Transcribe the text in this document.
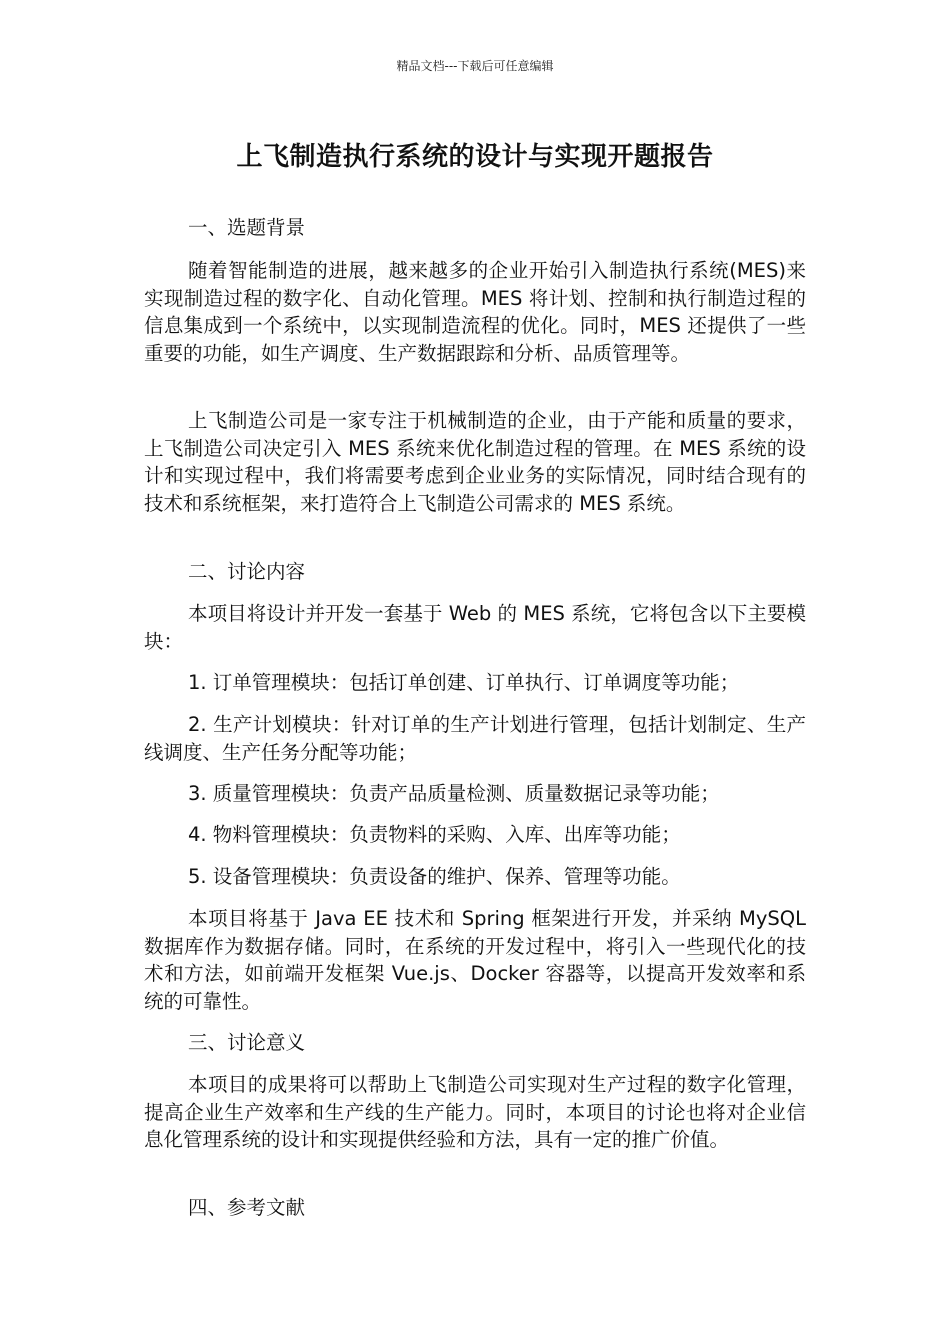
精品文档---下载后可任意编辑
上飞制造执行系统的设计与实现开题报告

一、选题背景

随着智能制造的进展，越来越多的企业开始引入制造执行系统(MES)来实现制造过程的数字化、自动化管理。MES 将计划、控制和执行制造过程的信息集成到一个系统中，以实现制造流程的优化。同时，MES 还提供了一些重要的功能，如生产调度、生产数据跟踪和分析、品质管理等。

上飞制造公司是一家专注于机械制造的企业，由于产能和质量的要求，上飞制造公司决定引入 MES 系统来优化制造过程的管理。在 MES 系统的设计和实现过程中，我们将需要考虑到企业业务的实际情况，同时结合现有的技术和系统框架，来打造符合上飞制造公司需求的 MES 系统。

二、讨论内容

本项目将设计并开发一套基于 Web 的 MES 系统，它将包含以下主要模块：

1. 订单管理模块：包括订单创建、订单执行、订单调度等功能；

2. 生产计划模块：针对订单的生产计划进行管理，包括计划制定、生产线调度、生产任务分配等功能；

3. 质量管理模块：负责产品质量检测、质量数据记录等功能；

4. 物料管理模块：负责物料的采购、入库、出库等功能；

5. 设备管理模块：负责设备的维护、保养、管理等功能。

本项目将基于 Java EE 技术和 Spring 框架进行开发，并采纳 MySQL 数据库作为数据存储。同时，在系统的开发过程中，将引入一些现代化的技术和方法，如前端开发框架 Vue.js、Docker 容器等，以提高开发效率和系统的可靠性。

三、讨论意义

本项目的成果将可以帮助上飞制造公司实现对生产过程的数字化管理，提高企业生产效率和生产线的生产能力。同时，本项目的讨论也将对企业信息化管理系统的设计和实现提供经验和方法，具有一定的推广价值。

四、参考文献
